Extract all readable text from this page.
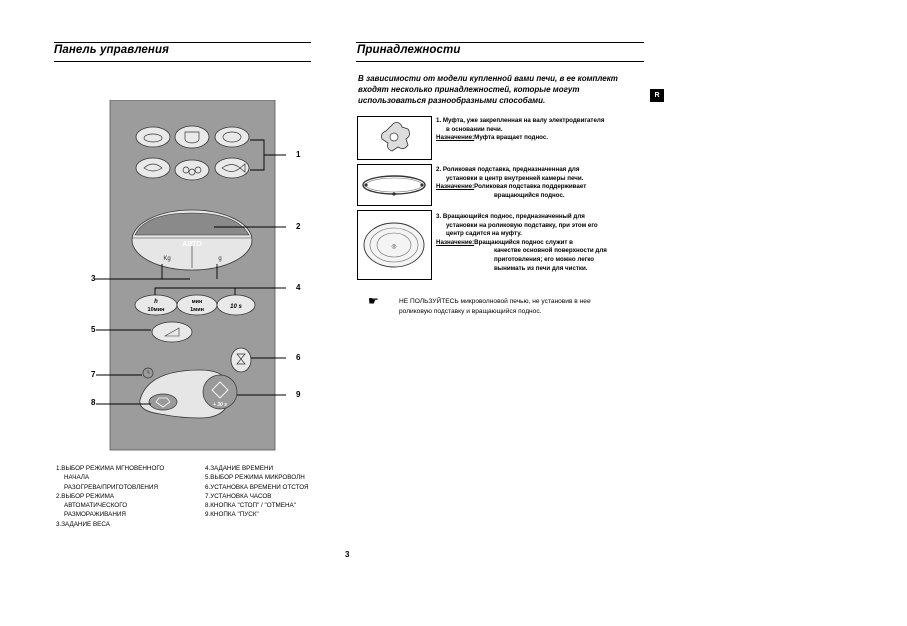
Панель управления
АВТО
Kg	g
h
10мин
мин
1мин	10 s
+ 30 s
1
2
3
4
5
6
7
8
9
1.ВЫБОР РЕЖИМА МГНОВЕННОГО
НАЧАЛА
РАЗОГРЕВА/ПРИГОТОВЛЕНИЯ
2.ВЫБОР РЕЖИМА
АВТОМАТИЧЕСКОГО
РАЗМОРАЖИВАНИЯ
3.ЗАДАНИЕ ВЕСА
4.ЗАДАНИЕ ВРЕМЕНИ
5.ВЫБОР РЕЖИМА МИКРОВОЛН
6.УСТАНОВКА ВРЕМЕНИ ОТСТОЯ
7.УСТАНОВКА ЧАСОВ
8.КНОПКА "СТОП" / "ОТМЕНА"
9.КНОПКА "ПУСК"
Принадлежности
R
В зависимости от модели купленной вами печи, в ее комплект
входят несколько принадлежностей, которые могут
использоваться разнообразными способами.
1. Муфта, уже закрепленная на валу электродвигателя
в основании печи.
Назначение:Муфта вращает поднос.
2. Роликовая подставка, предназначенная для
установки в центр внутренней камеры печи.
Назначение:Роликовая подставка поддерживает
вращающийся поднос.
◎
3. Вращающийся поднос, предназначенный для
установки на роликовую подставку, при этом его
центр садится на муфту.
Назначение:Вращающийся поднос служит в
качестве основной поверхности для
приготовления; его можно легко
вынимать из печи для чистки.
☛	НЕ ПОЛЬЗУЙТЕСЬ микроволновой печью, не установив в нее
роликовую подставку и вращающийся поднос.
3
